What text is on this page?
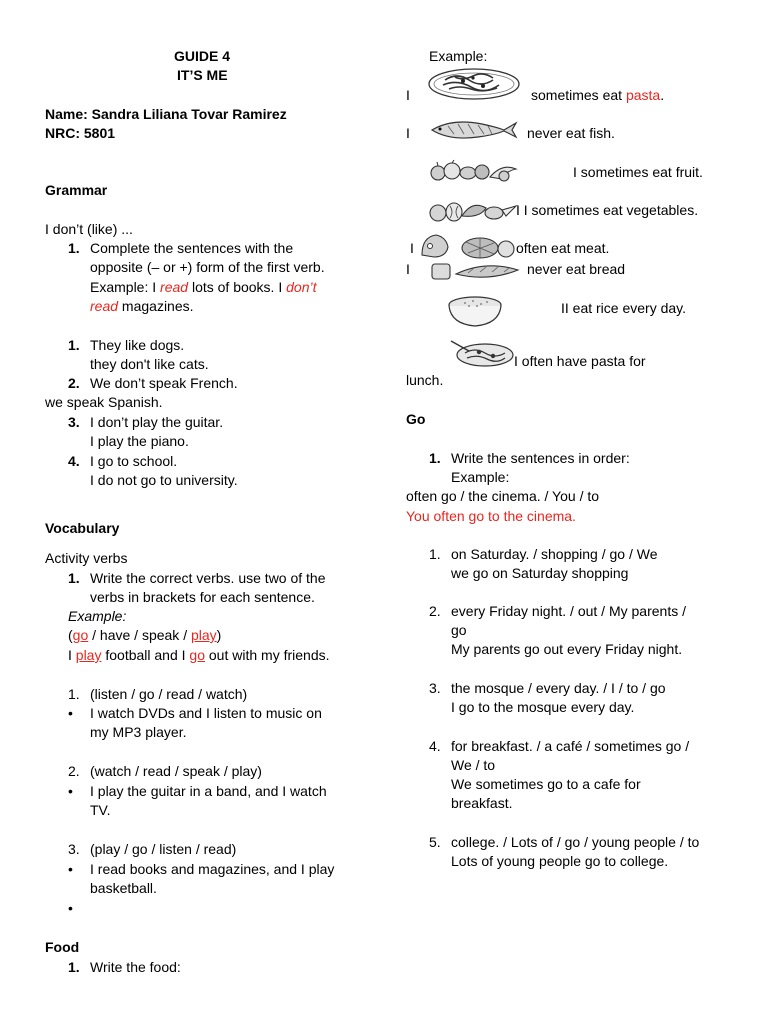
GUIDE 4
IT’S ME
Name: Sandra Liliana Tovar Ramirez
NRC: 5801
Grammar
I don’t (like) ...
1. Complete the sentences with the
opposite (– or +) form of the first verb.
Example: I read lots of books. I don’t
read magazines.
1. They like dogs.
they don't like cats.
2. We don’t speak French.
we speak Spanish.
3. I don’t play the guitar.
I play the piano.
4. I go to school.
I do not go to university.
Vocabulary
Activity verbs
1. Write the correct verbs. use two of the
verbs in brackets for each sentence.
Example:
(go / have / speak / play)
I play football and I go out with my friends.
1. (listen / go / read / watch)
• I watch DVDs and I listen to music on
my MP3 player.
2. (watch / read / speak / play)
• I play the guitar in a band, and I watch
TV.
3. (play / go / listen / read)
• I read books and magazines, and I play
basketball.
Food
1. Write the food:
Example:
I	sometimes eat pasta.
I	never eat fish.
I sometimes eat fruit.
I I sometimes eat vegetables.
I	often eat meat.
I	never eat bread
II eat rice every day.
I often have pasta for
lunch.
Go
1. Write the sentences in order:
Example:
often go / the cinema. / You / to
You often go to the cinema.
1. on Saturday. / shopping / go / We
we go on Saturday shopping
2. every Friday night. / out / My parents /
go
My parents go out every Friday night.
3. the mosque / every day. / I / to / go
I go to the mosque every day.
4. for breakfast. / a café / sometimes go /
We / to
We sometimes go to a cafe for
breakfast.
5. college. / Lots of / go / young people / to
Lots of young people go to college.
